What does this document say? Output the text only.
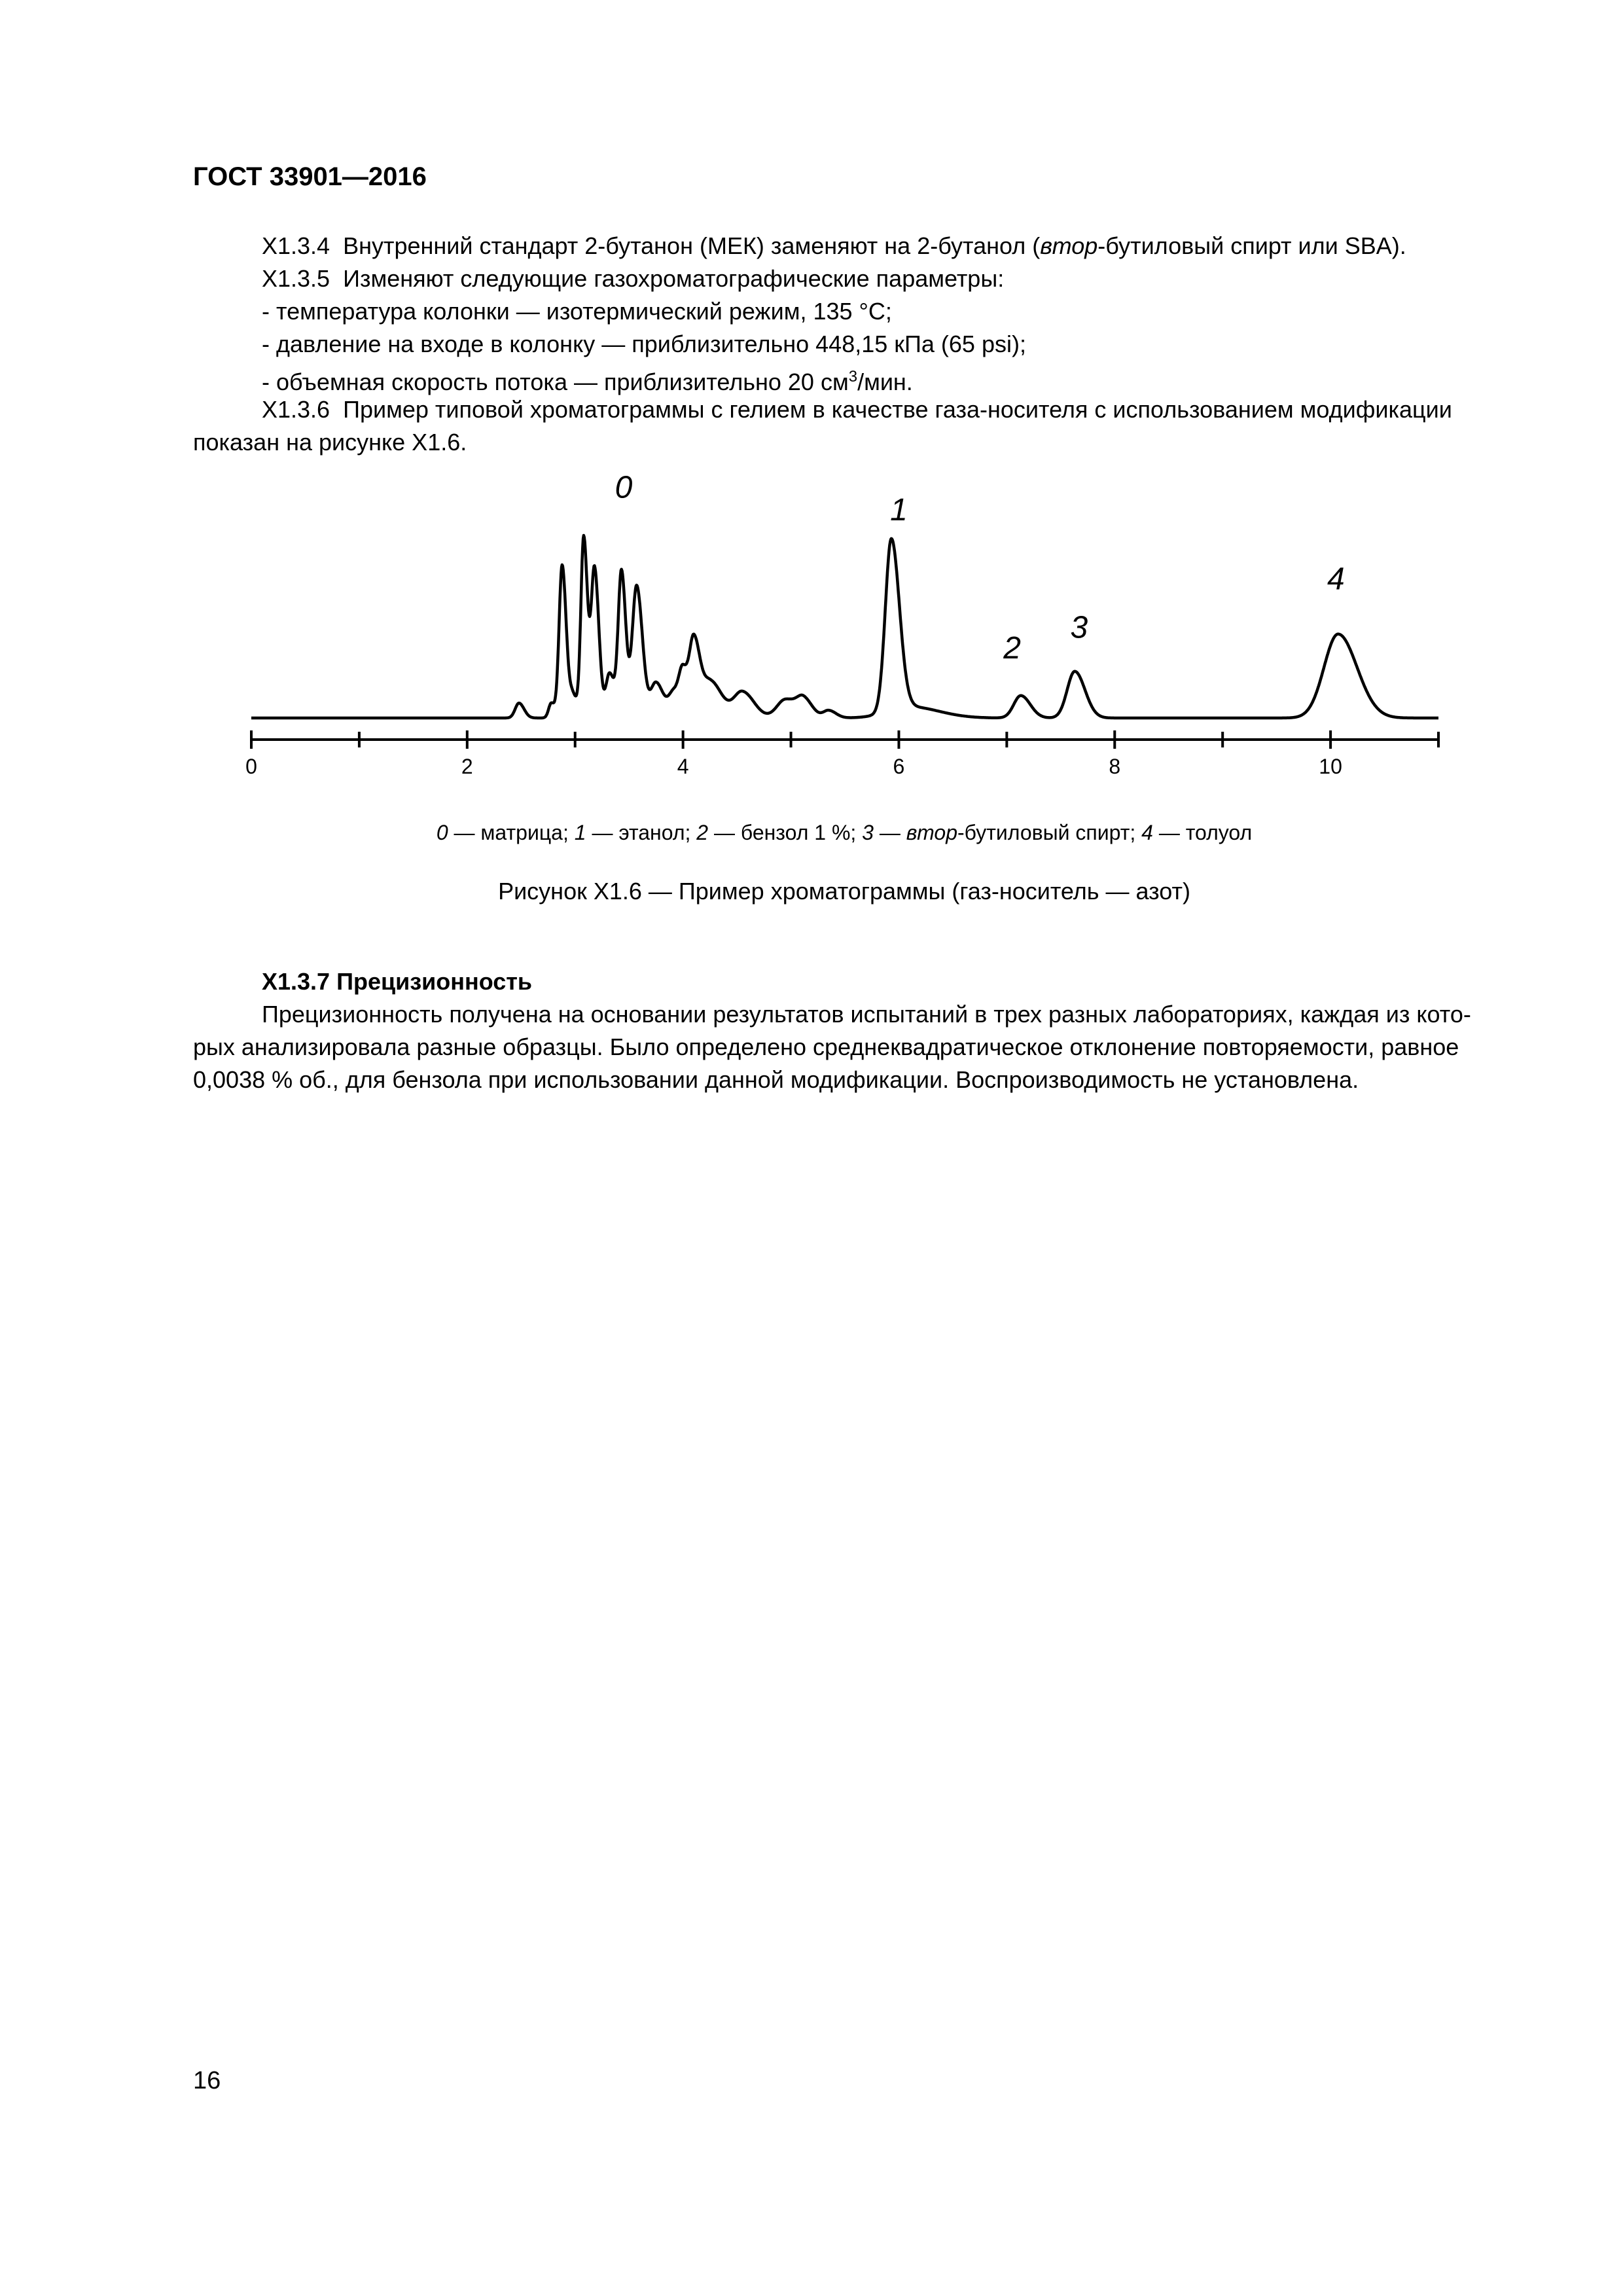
ГОСТ 33901—2016
X1.3.4 Внутренний стандарт 2-бутанон (МЕК) заменяют на 2-бутанол (втор-бутиловый спирт или SBA).
X1.3.5 Изменяют следующие газохроматографические параметры:
- температура колонки — изотермический режим, 135 °С;
- давление на входе в колонку — приблизительно 448,15 кПа (65 psi);
- объемная скорость потока — приблизительно 20 $см^3$/мин.
X1.3.6 Пример типовой хроматограммы с гелием в качестве газа-носителя с использованием модификации
показан на рисунке X1.6.
0	2	4	6	8	10
0
1
2
3
4
0 — матрица; 1 — этанол; 2 — бензол 1 %; 3 — втор-бутиловый спирт; 4 — толуол
Рисунок X1.6 — Пример хроматограммы (газ-носитель — азот)
X1.3.7 Прецизионность
Прецизионность получена на основании результатов испытаний в трех разных лабораториях, каждая из кото-
рых анализировала разные образцы. Было определено среднеквадратическое отклонение повторяемости, равное
0,0038 % об., для бензола при использовании данной модификации. Воспроизводимость не установлена.
16
